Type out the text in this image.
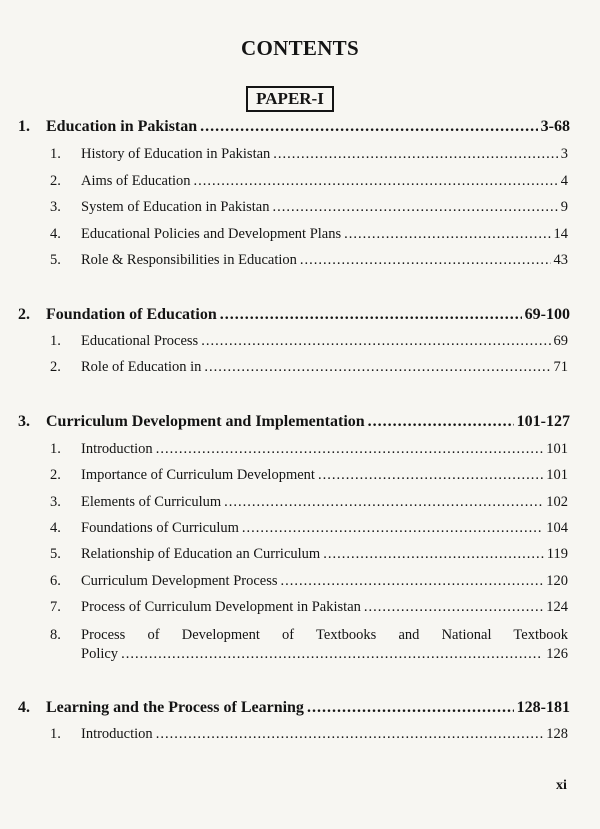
CONTENTS
PAPER-I
1.	Education in Pakistan .....	3-68
1.	History of Education in Pakistan .....	3
2.	Aims of Education .....	4
3.	System of Education in Pakistan .....	9
4.	Educational Policies and Development Plans .....	14
5.	Role & Responsibilities in Education .....	43
2.	Foundation of Education .....	69-100
1.	Educational Process .....	69
2.	Role of Education in .....	71
3.	Curriculum Development and Implementation .....	101-127
1.	Introduction .....	101
2.	Importance of Curriculum Development .....	101
3.	Elements of Curriculum .....	102
4.	Foundations of Curriculum .....	104
5.	Relationship of Education an Curriculum .....	119
6.	Curriculum Development Process .....	120
7.	Process of Curriculum Development in Pakistan .....	124
8.	Process of Development of Textbooks and National Textbook
Policy .....	126
4.	Learning and the Process of Learning .....	128-181
1.	Introduction .....	128
xi
